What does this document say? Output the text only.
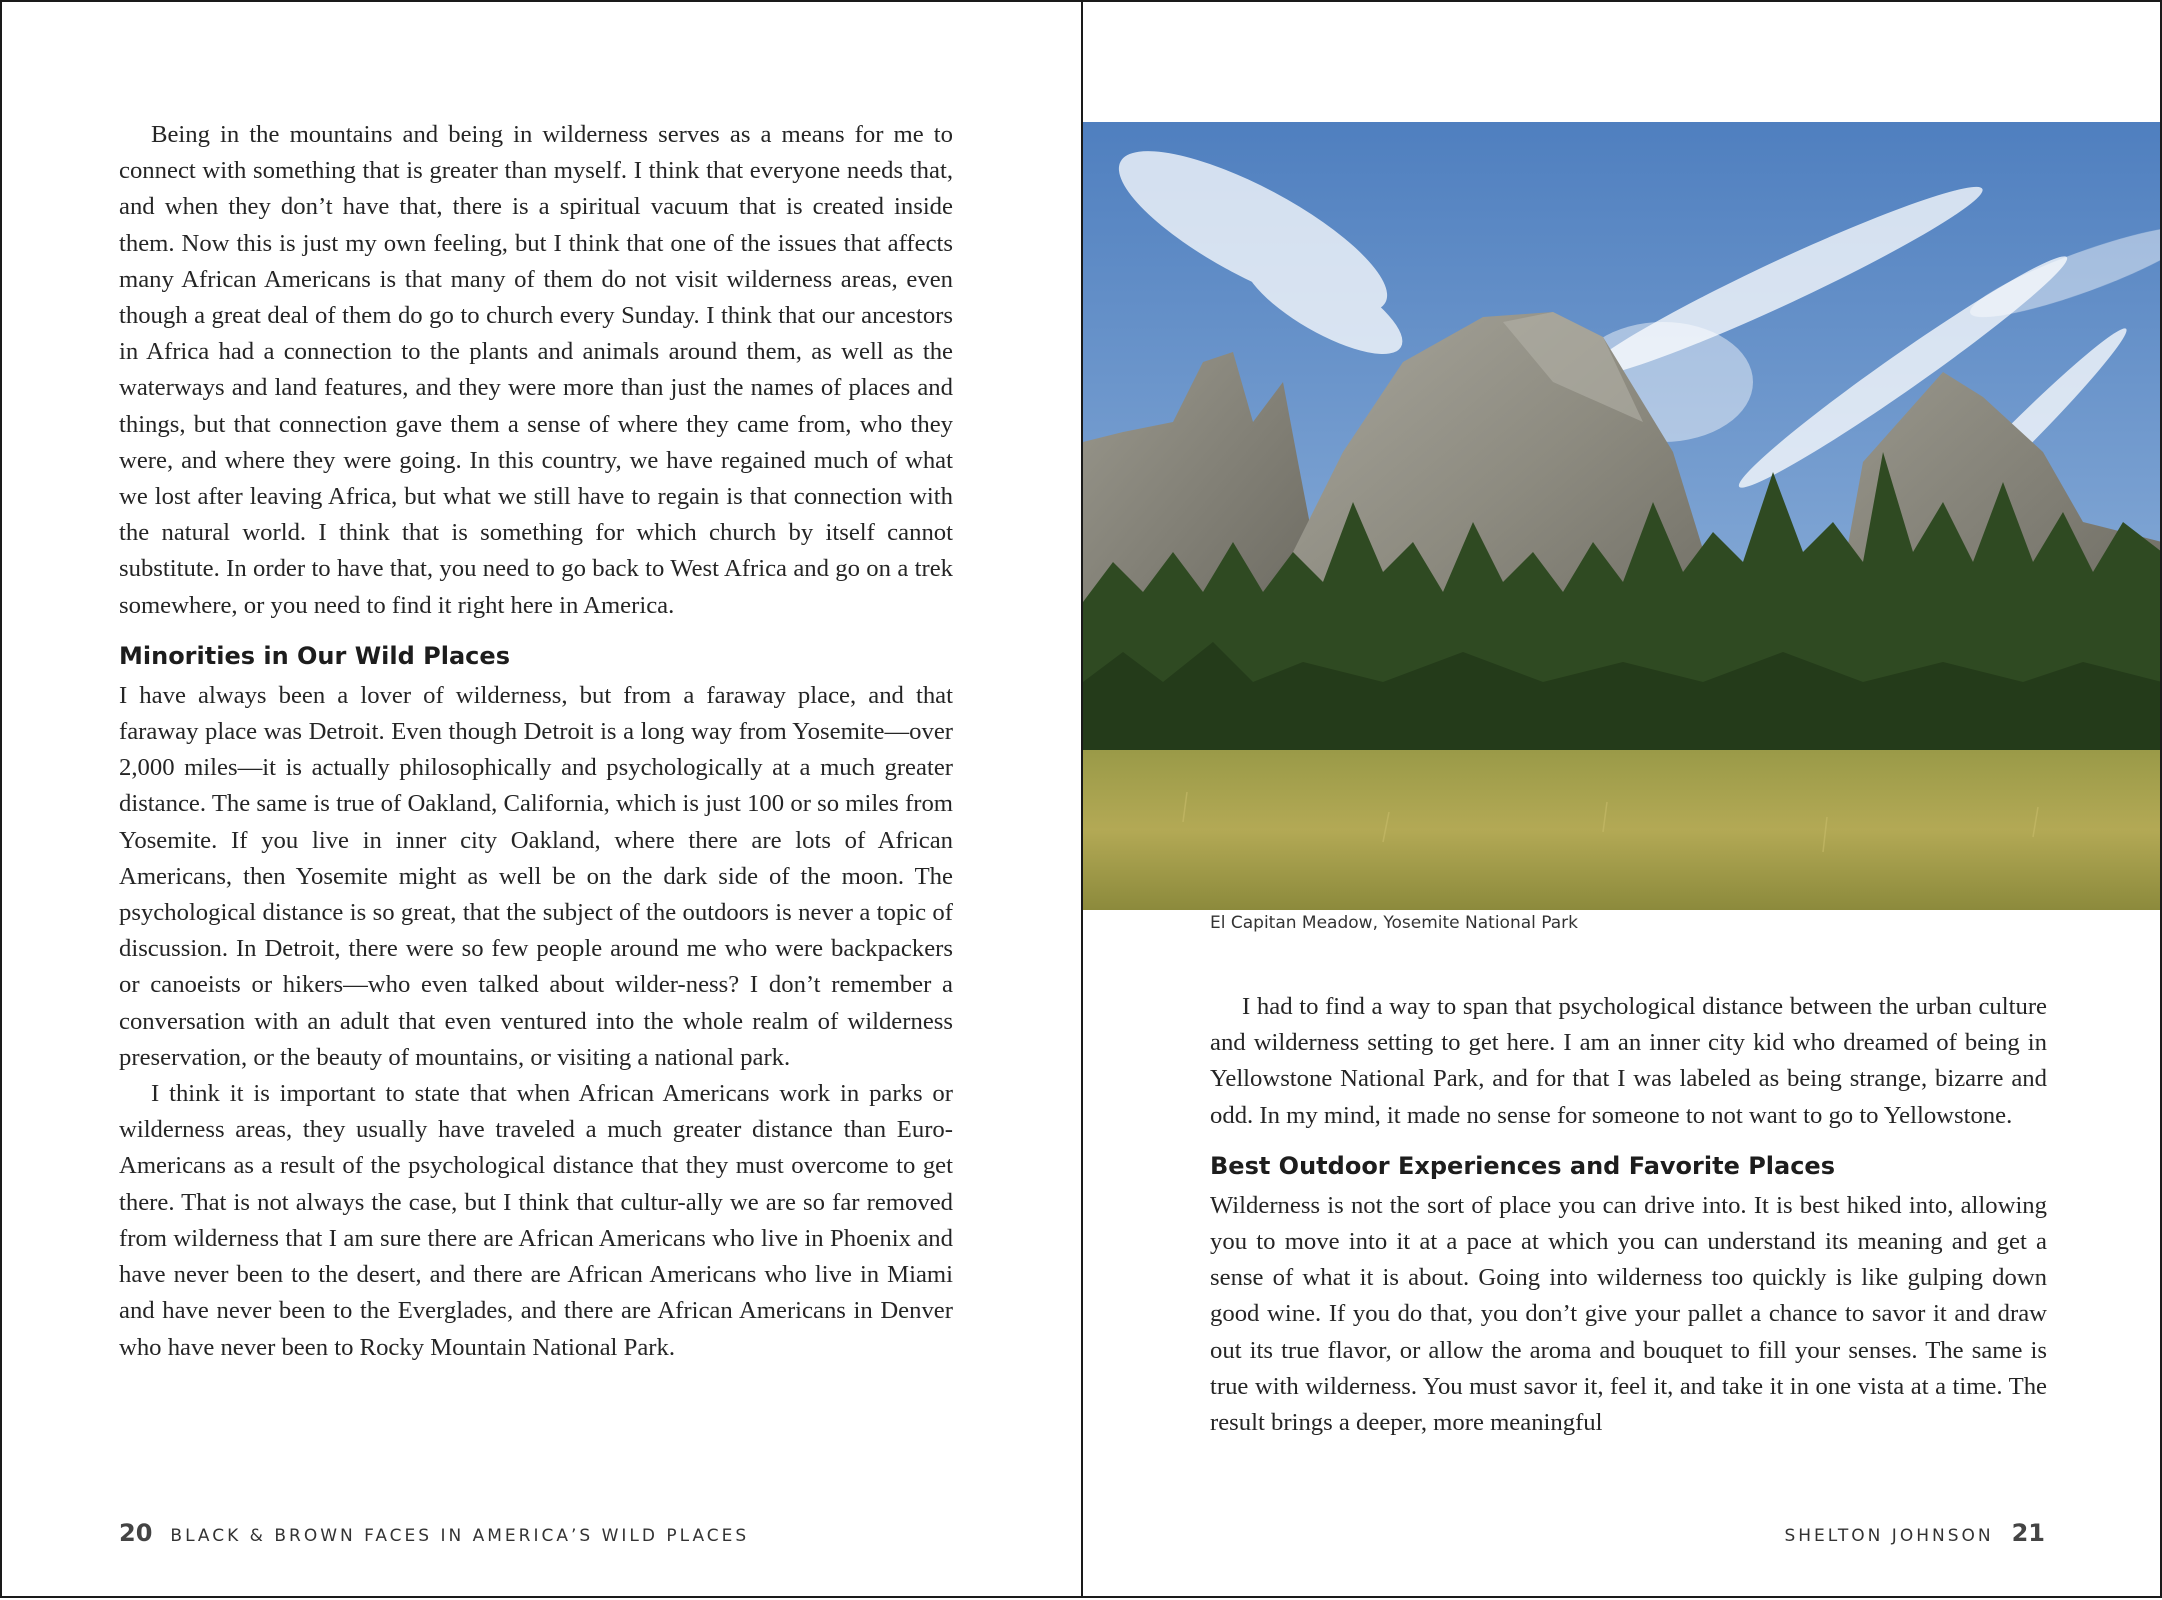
Being in the mountains and being in wilderness serves as a means for me to connect with something that is greater than myself. I think that everyone needs that, and when they don’t have that, there is a spiritual vacuum that is created inside them. Now this is just my own feeling, but I think that one of the issues that affects many African Americans is that many of them do not visit wilderness areas, even though a great deal of them do go to church every Sunday. I think that our ancestors in Africa had a connection to the plants and animals around them, as well as the waterways and land features, and they were more than just the names of places and things, but that connection gave them a sense of where they came from, who they were, and where they were going. In this country, we have regained much of what we lost after leaving Africa, but what we still have to regain is that connection with the natural world. I think that is something for which church by itself cannot substitute. In order to have that, you need to go back to West Africa and go on a trek somewhere, or you need to find it right here in America.

Minorities in Our Wild Places

I have always been a lover of wilderness, but from a faraway place, and that faraway place was Detroit. Even though Detroit is a long way from Yosemite—over 2,000 miles—it is actually philosophically and psychologically at a much greater distance. The same is true of Oakland, California, which is just 100 or so miles from Yosemite. If you live in inner city Oakland, where there are lots of African Americans, then Yosemite might as well be on the dark side of the moon. The psychological distance is so great, that the subject of the outdoors is never a topic of discussion. In Detroit, there were so few people around me who were backpackers or canoeists or hikers—who even talked about wilder-ness? I don’t remember a conversation with an adult that even ventured into the whole realm of wilderness preservation, or the beauty of mountains, or visiting a national park.

I think it is important to state that when African Americans work in parks or wilderness areas, they usually have traveled a much greater distance than Euro-Americans as a result of the psychological distance that they must overcome to get there. That is not always the case, but I think that cultur-ally we are so far removed from wilderness that I am sure there are African Americans who live in Phoenix and have never been to the desert, and there are African Americans who live in Miami and have never been to the Everglades, and there are African Americans in Denver who have never been to Rocky Mountain National Park.

20 BLACK & BROWN FACES IN AMERICA’S WILD PLACES
El Capitan Meadow, Yosemite National Park

I had to find a way to span that psychological distance between the urban culture and wilderness setting to get here. I am an inner city kid who dreamed of being in Yellowstone National Park, and for that I was labeled as being strange, bizarre and odd. In my mind, it made no sense for someone to not want to go to Yellowstone.

Best Outdoor Experiences and Favorite Places

Wilderness is not the sort of place you can drive into. It is best hiked into, allowing you to move into it at a pace at which you can understand its meaning and get a sense of what it is about. Going into wilderness too quickly is like gulping down good wine. If you do that, you don’t give your pallet a chance to savor it and draw out its true flavor, or allow the aroma and bouquet to fill your senses. The same is true with wilderness. You must savor it, feel it, and take it in one vista at a time. The result brings a deeper, more meaningful

SHELTON JOHNSON 21
